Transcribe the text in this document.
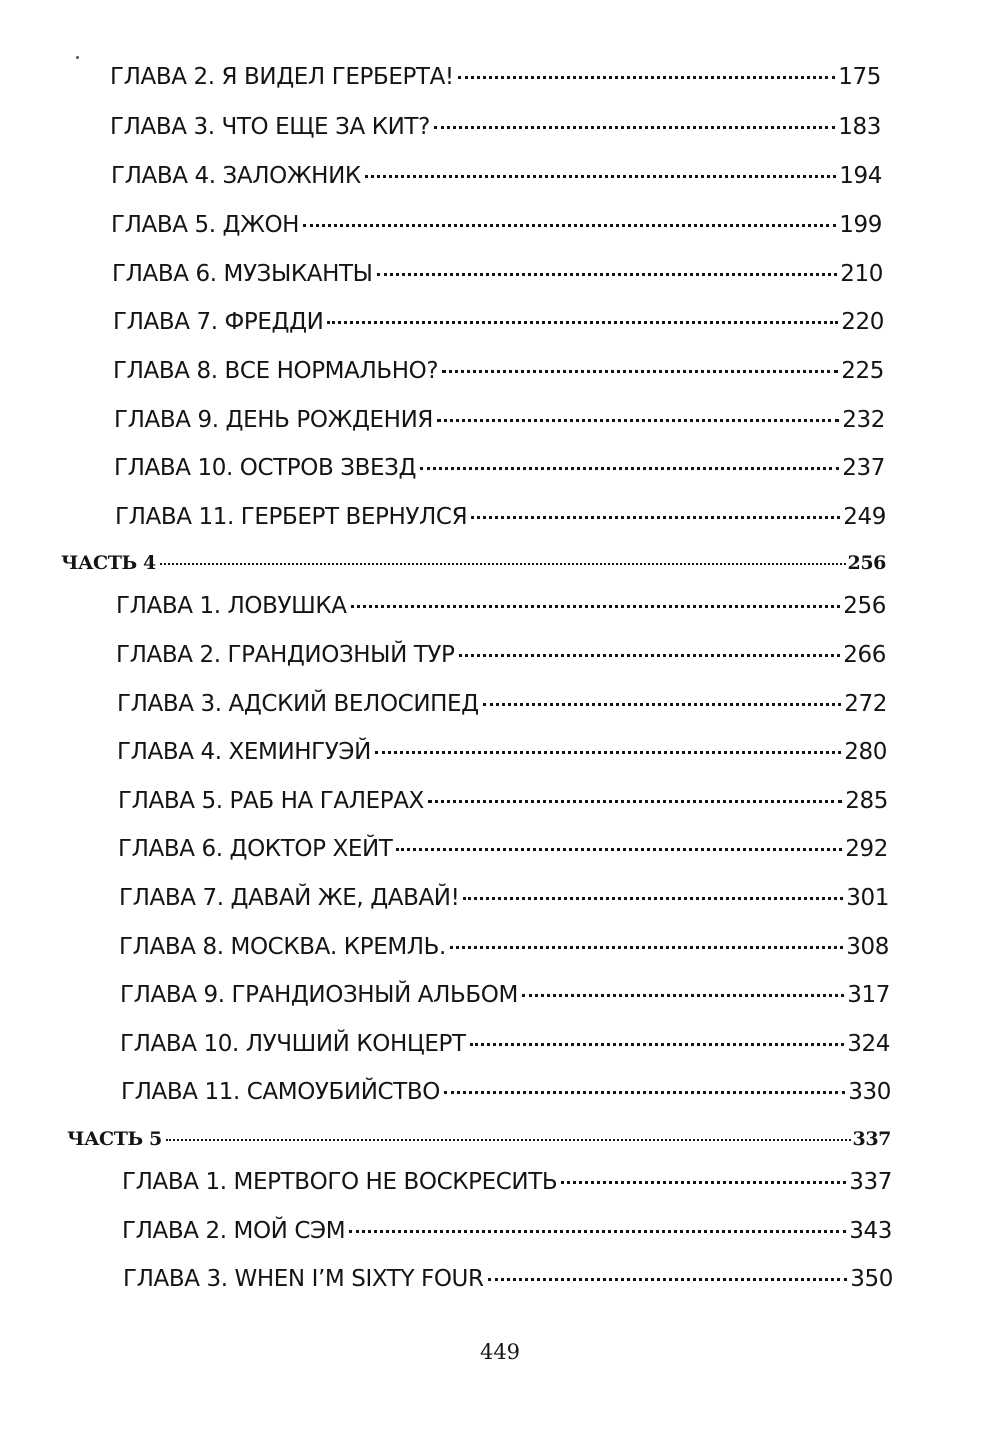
ГЛАВА 2. Я ВИДЕЛ ГЕРБЕРТА!	175
ГЛАВА 3. ЧТО ЕЩЕ ЗА КИТ?	183
ГЛАВА 4. ЗАЛОЖНИК	194
ГЛАВА 5. ДЖОН	199
ГЛАВА 6. МУЗЫКАНТЫ	210
ГЛАВА 7. ФРЕДДИ	220
ГЛАВА 8. ВСЕ НОРМАЛЬНО?	225
ГЛАВА 9. ДЕНЬ РОЖДЕНИЯ	232
ГЛАВА 10. ОСТРОВ ЗВЕЗД	237
ГЛАВА 11. ГЕРБЕРТ ВЕРНУЛСЯ	249
ЧАСТЬ 4	256
ГЛАВА 1. ЛОВУШКА	256
ГЛАВА 2. ГРАНДИОЗНЫЙ ТУР	266
ГЛАВА 3. АДСКИЙ ВЕЛОСИПЕД	272
ГЛАВА 4. ХЕМИНГУЭЙ	280
ГЛАВА 5. РАБ НА ГАЛЕРАХ	285
ГЛАВА 6. ДОКТОР ХЕЙТ	292
ГЛАВА 7. ДАВАЙ ЖЕ, ДАВАЙ!	301
ГЛАВА 8. МОСКВА. КРЕМЛЬ.	308
ГЛАВА 9. ГРАНДИОЗНЫЙ АЛЬБОМ	317
ГЛАВА 10. ЛУЧШИЙ КОНЦЕРТ	324
ГЛАВА 11. САМОУБИЙСТВО	330
ЧАСТЬ 5	337
ГЛАВА 1. МЕРТВОГО НЕ ВОСКРЕСИТЬ	337
ГЛАВА 2. МОЙ СЭМ	343
ГЛАВА 3. WHEN I’M SIXTY FOUR	350
449
